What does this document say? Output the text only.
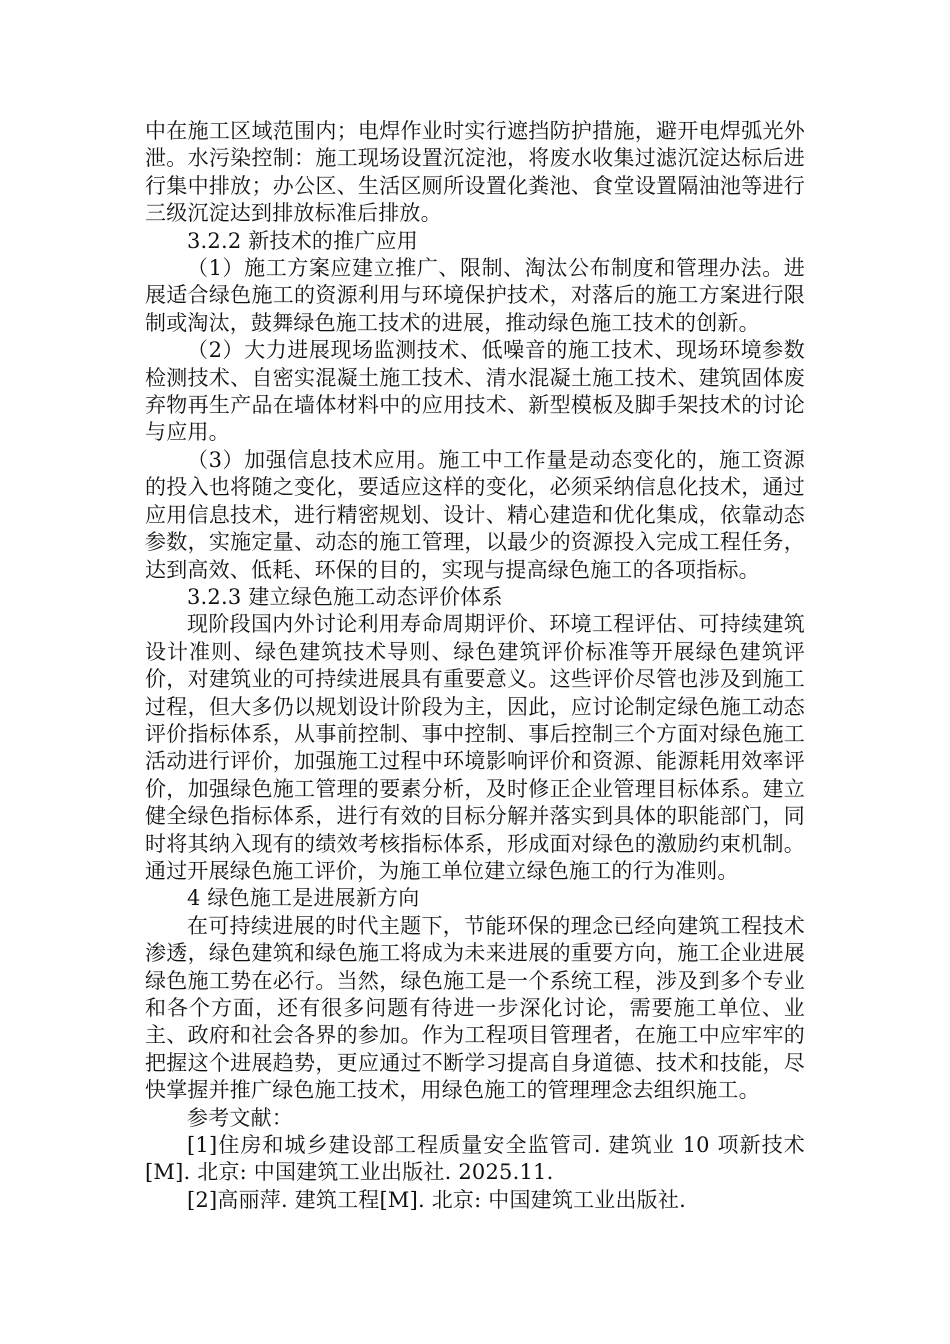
中在施工区域范围内；电焊作业时实行遮挡防护措施，避开电焊弧光外泄。水污染控制：施工现场设置沉淀池，将废水收集过滤沉淀达标后进行集中排放；办公区、生活区厕所设置化粪池、食堂设置隔油池等进行三级沉淀达到排放标准后排放。

3.2.2 新技术的推广应用

（1）施工方案应建立推广、限制、淘汰公布制度和管理办法。进展适合绿色施工的资源利用与环境保护技术，对落后的施工方案进行限制或淘汰，鼓舞绿色施工技术的进展，推动绿色施工技术的创新。

（2）大力进展现场监测技术、低噪音的施工技术、现场环境参数检测技术、自密实混凝土施工技术、清水混凝土施工技术、建筑固体废弃物再生产品在墙体材料中的应用技术、新型模板及脚手架技术的讨论与应用。

（3）加强信息技术应用。施工中工作量是动态变化的，施工资源的投入也将随之变化，要适应这样的变化，必须采纳信息化技术，通过应用信息技术，进行精密规划、设计、精心建造和优化集成，依靠动态参数，实施定量、动态的施工管理，以最少的资源投入完成工程任务，达到高效、低耗、环保的目的，实现与提高绿色施工的各项指标。

3.2.3 建立绿色施工动态评价体系

现阶段国内外讨论利用寿命周期评价、环境工程评估、可持续建筑设计准则、绿色建筑技术导则、绿色建筑评价标准等开展绿色建筑评价，对建筑业的可持续进展具有重要意义。这些评价尽管也涉及到施工过程，但大多仍以规划设计阶段为主，因此，应讨论制定绿色施工动态评价指标体系，从事前控制、事中控制、事后控制三个方面对绿色施工活动进行评价，加强施工过程中环境影响评价和资源、能源耗用效率评价，加强绿色施工管理的要素分析，及时修正企业管理目标体系。建立健全绿色指标体系，进行有效的目标分解并落实到具体的职能部门，同时将其纳入现有的绩效考核指标体系，形成面对绿色的激励约束机制。通过开展绿色施工评价，为施工单位建立绿色施工的行为准则。

4 绿色施工是进展新方向

在可持续进展的时代主题下，节能环保的理念已经向建筑工程技术渗透，绿色建筑和绿色施工将成为未来进展的重要方向，施工企业进展绿色施工势在必行。当然，绿色施工是一个系统工程，涉及到多个专业和各个方面，还有很多问题有待进一步深化讨论，需要施工单位、业主、政府和社会各界的参加。作为工程项目管理者，在施工中应牢牢的把握这个进展趋势，更应通过不断学习提高自身道德、技术和技能，尽快掌握并推广绿色施工技术，用绿色施工的管理理念去组织施工。

参考文献：

[1]住房和城乡建设部工程质量安全监管司. 建筑业 10 项新技术[M]. 北京: 中国建筑工业出版社. 2025.11.

[2]高丽萍. 建筑工程[M]. 北京: 中国建筑工业出版社.
